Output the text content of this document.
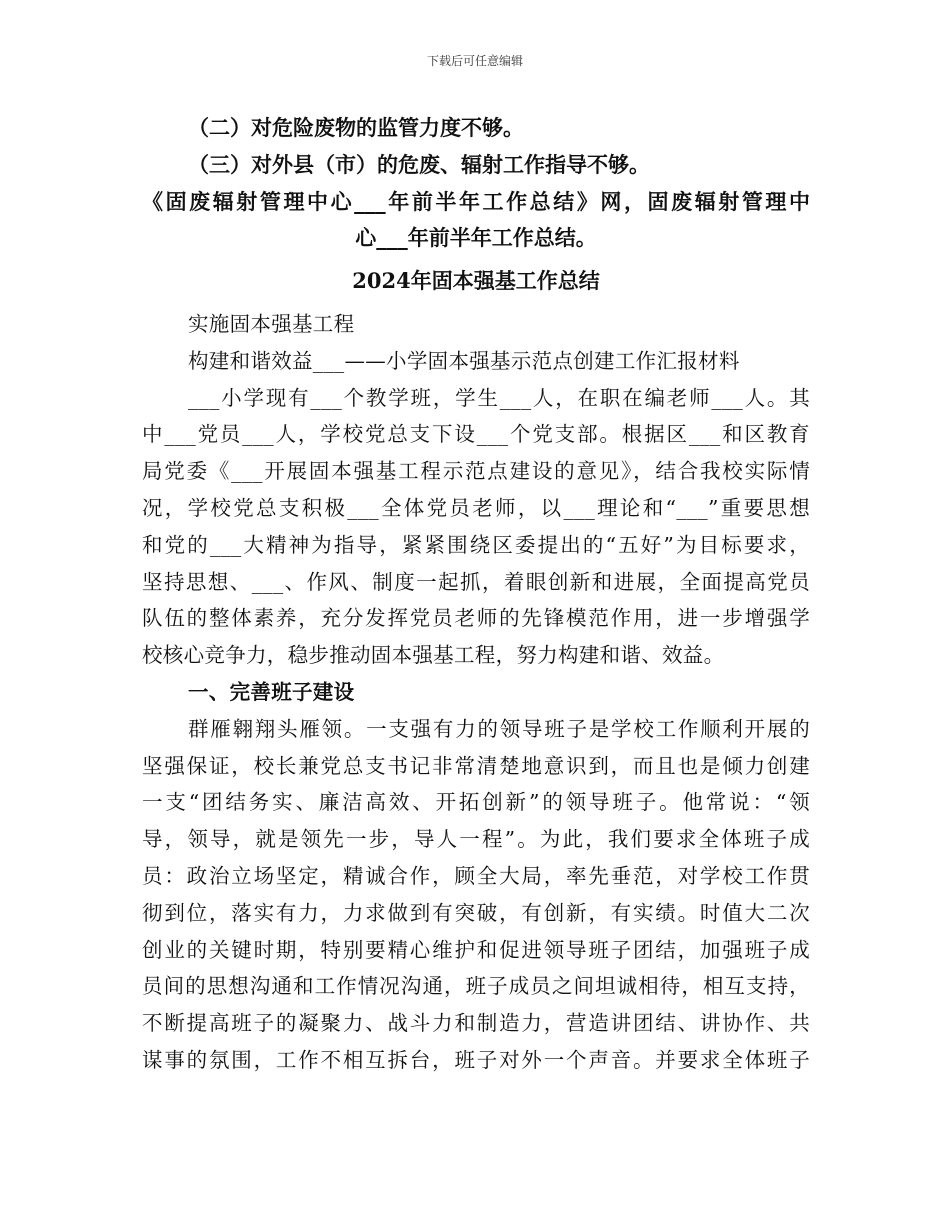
下载后可任意编辑
（二）对危险废物的监管力度不够。
（三）对外县（市）的危废、辐射工作指导不够。
《固废辐射管理中心___年前半年工作总结》网，固废辐射管理中
心___年前半年工作总结。
2024年固本强基工作总结
实施固本强基工程
构建和谐效益___——小学固本强基示范点创建工作汇报材料
___小学现有___个教学班，学生___人，在职在编老师___人。其
中___党员___人，学校党总支下设___个党支部。根据区___和区教育
局党委《___开展固本强基工程示范点建设的意见》，结合我校实际情
况，学校党总支积极___全体党员老师，以___理论和“___”重要思想
和党的___大精神为指导，紧紧围绕区委提出的“五好”为目标要求，
坚持思想、___、作风、制度一起抓，着眼创新和进展，全面提高党员
队伍的整体素养，充分发挥党员老师的先锋模范作用，进一步增强学
校核心竞争力，稳步推动固本强基工程，努力构建和谐、效益。
一、完善班子建设
群雁翱翔头雁领。一支强有力的领导班子是学校工作顺利开展的
坚强保证，校长兼党总支书记非常清楚地意识到，而且也是倾力创建
一支“团结务实、廉洁高效、开拓创新”的领导班子。他常说：“领
导，领导，就是领先一步，导人一程”。为此，我们要求全体班子成
员：政治立场坚定，精诚合作，顾全大局，率先垂范，对学校工作贯
彻到位，落实有力，力求做到有突破，有创新，有实绩。时值大二次
创业的关键时期，特别要精心维护和促进领导班子团结，加强班子成
员间的思想沟通和工作情况沟通，班子成员之间坦诚相待，相互支持，
不断提高班子的凝聚力、战斗力和制造力，营造讲团结、讲协作、共
谋事的氛围，工作不相互拆台，班子对外一个声音。并要求全体班子
